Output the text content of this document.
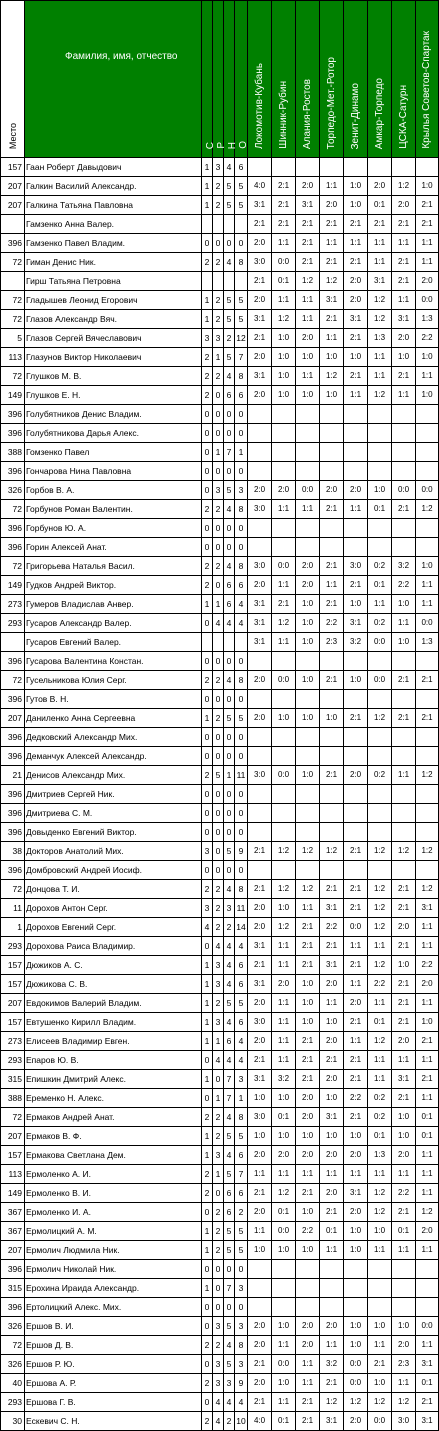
Место	Фамилия, имя, отчество	С	Р	Н	О	Локомотив-Кубань	Шинник-Рубин	Алания-Ростов	Торпедо-Мет.-Ротор	Зенит-Динамо	Амкар-Торпедо	ЦСКА-Сатурн	Крылья Советов-Спартак
157	Гаан Роберт Давыдович	1	3	4	6								
207	Галкин Василий Александр.	1	2	5	5	4:0	2:1	2:0	1:1	1:0	2:0	1:2	1:0
207	Галкина Татьяна Павловна	1	2	5	5	3:1	2:1	3:1	2:0	1:0	0:1	2:0	2:1
	Гамзенко Анна Валер.					2:1	2:1	2:1	2:1	2:1	2:1	2:1	2:1
396	Гамзенко Павел Владим.	0	0	0	0	2:0	1:1	2:1	1:1	1:1	1:1	1:1	1:1
72	Гиман Денис Ник.	2	2	4	8	3:0	0:0	2:1	2:1	2:1	1:1	2:1	1:1
	Гирш Татьяна Петровна					2:1	0:1	1:2	1:2	2:0	3:1	2:1	2:0
72	Гладышев Леонид Егорович	1	2	5	5	2:0	1:1	1:1	3:1	2:0	1:2	1:1	0:0
72	Глазов Александр Вяч.	1	2	5	5	3:1	1:2	1:1	2:1	3:1	1:2	3:1	1:3
5	Глазов Сергей Вячеславович	3	3	2	12	2:1	1:0	2:0	1:1	2:1	1:3	2:0	2:2
113	Глазунов Виктор Николаевич	2	1	5	7	2:0	1:0	1:0	1:0	1:0	1:1	1:0	1:0
72	Глушков М. В.	2	2	4	8	3:1	1:0	1:1	1:2	2:1	1:1	2:1	1:1
149	Глушков Е. Н.	2	0	6	6	2:0	1:0	1:0	1:0	1:1	1:2	1:1	1:0
396	Голубятников Денис Владим.	0	0	0	0								
396	Голубятникова Дарья Алекс.	0	0	0	0								
388	Гомзенко Павел	0	1	7	1								
396	Гончарова Нина Павловна	0	0	0	0								
326	Горбов В. А.	0	3	5	3	2:0	2:0	0:0	2:0	2:0	1:0	0:0	0:0
72	Горбунов Роман Валентин.	2	2	4	8	3:0	1:1	1:1	2:1	1:1	0:1	2:1	1:2
396	Горбунов Ю. А.	0	0	0	0								
396	Горин Алексей Анат.	0	0	0	0								
72	Григорьева Наталья Васил.	2	2	4	8	3:0	0:0	2:0	2:1	3:0	0:2	3:2	1:0
149	Гудков Андрей Виктор.	2	0	6	6	2:0	1:1	2:0	1:1	2:1	0:1	2:2	1:1
273	Гумеров Владислав Анвер.	1	1	6	4	3:1	2:1	1:0	2:1	1:0	1:1	1:0	1:1
293	Гусаров Александр Валер.	0	4	4	4	3:1	1:2	1:0	2:2	3:1	0:2	1:1	0:0
	Гусаров Евгений Валер.					3:1	1:1	1:0	2:3	3:2	0:0	1:0	1:3
396	Гусарова Валентина Констан.	0	0	0	0								
72	Гусельникова Юлия Серг.	2	2	4	8	2:0	0:0	1:0	2:1	1:0	0:0	2:1	2:1
396	Гутов В. Н.	0	0	0	0								
207	Даниленко Анна Сергеевна	1	2	5	5	2:0	1:0	1:0	1:0	2:1	1:2	2:1	2:1
396	Дедковский Александр Мих.	0	0	0	0								
396	Деманчук Алексей Александр.	0	0	0	0								
21	Денисов Александр Мих.	2	5	1	11	3:0	0:0	1:0	2:1	2:0	0:2	1:1	1:2
396	Дмитриев Сергей Ник.	0	0	0	0								
396	Дмитриева С. М.	0	0	0	0								
396	Довыденко Евгений Виктор.	0	0	0	0								
38	Докторов Анатолий Мих.	3	0	5	9	2:1	1:2	1:2	1:2	2:1	1:2	1:2	1:2
396	Домбровский Андрей Иосиф.	0	0	0	0								
72	Донцова Т. И.	2	2	4	8	2:1	1:2	1:2	2:1	2:1	1:2	2:1	1:2
11	Дорохов Антон Серг.	3	2	3	11	2:0	1:0	1:1	3:1	2:1	1:2	2:1	3:1
1	Дорохов Евгений Серг.	4	2	2	14	2:0	1:2	2:1	2:2	0:0	1:2	2:0	1:1
293	Дорохова Раиса Владимир.	0	4	4	4	3:1	1:1	2:1	2:1	1:1	1:1	2:1	1:1
157	Дюжиков А. С.	1	3	4	6	2:1	1:1	2:1	3:1	2:1	1:2	1:0	2:2
157	Дюжикова С. В.	1	3	4	6	3:1	2:0	1:0	2:0	1:1	2:2	2:1	2:0
207	Евдокимов Валерий Владим.	1	2	5	5	2:0	1:1	1:0	1:1	2:0	1:1	2:1	1:1
157	Евтушенко Кирилл Владим.	1	3	4	6	3:0	1:1	1:0	1:0	2:1	0:1	2:1	1:0
273	Елисеев Владимир Евген.	1	1	6	4	2:0	1:1	2:1	2:0	1:1	1:2	2:0	2:1
293	Епаров Ю. В.	0	4	4	4	2:1	1:1	2:1	2:1	2:1	1:1	1:1	1:1
315	Епишкин Дмитрий Алекс.	1	0	7	3	3:1	3:2	2:1	2:0	2:1	1:1	3:1	2:1
388	Еременко Н. Алекс.	0	1	7	1	1:0	1:0	2:0	1:0	2:2	0:2	2:1	1:1
72	Ермаков Андрей Анат.	2	2	4	8	3:0	0:1	2:0	3:1	2:1	0:2	1:0	0:1
207	Ермаков В. Ф.	1	2	5	5	1:0	1:0	1:0	1:0	1:0	0:1	1:0	0:1
157	Ермакова Светлана Дем.	1	3	4	6	2:0	2:0	2:0	2:0	2:0	1:3	2:0	1:1
113	Ермоленко А. И.	2	1	5	7	1:1	1:1	1:1	1:1	1:1	1:1	1:1	1:1
149	Ермоленко В. И.	2	0	6	6	2:1	1:2	2:1	2:0	3:1	1:2	2:2	1:1
367	Ермоленко И. А.	0	2	6	2	2:0	0:1	1:0	2:1	2:0	1:2	2:1	1:2
367	Ермолицкий А. М.	1	2	5	5	1:1	0:0	2:2	0:1	1:0	1:0	0:1	2:0
207	Ермолич Людмила Ник.	1	2	5	5	1:0	1:0	1:0	1:1	1:0	1:1	1:1	1:1
396	Ермолич Николай Ник.	0	0	0	0								
315	Ерохина Ираида Александр.	1	0	7	3								
396	Ертолицкий Алекс. Мих.	0	0	0	0								
326	Ершов В. И.	0	3	5	3	2:0	1:0	2:0	2:0	1:0	1:0	1:0	0:0
72	Ершов Д. В.	2	2	4	8	2:0	1:1	2:0	1:1	1:0	1:1	2:0	1:1
326	Ершов Р. Ю.	0	3	5	3	2:1	0:0	1:1	3:2	0:0	2:1	2:3	3:1
40	Ершова А. Р.	2	3	3	9	2:0	1:0	1:1	2:1	0:0	1:0	1:1	0:1
293	Ершова Г. В.	0	4	4	4	2:1	1:1	2:1	1:2	1:2	1:2	1:2	2:1
30	Ескевич С. Н.	2	4	2	10	4:0	0:1	2:1	3:1	2:0	0:0	3:0	3:1
